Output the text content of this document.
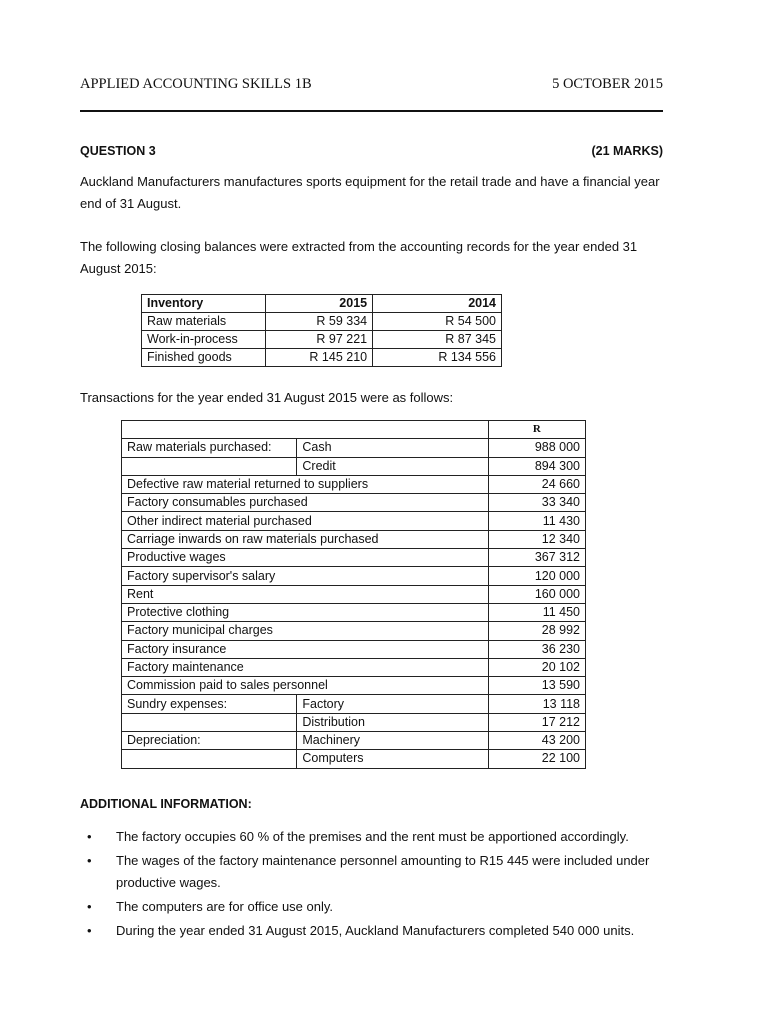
APPLIED ACCOUNTING SKILLS 1B	5 OCTOBER 2015
QUESTION 3	(21 MARKS)
Auckland Manufacturers manufactures sports equipment for the retail trade and have a financial year end of 31 August.
The following closing balances were extracted from the accounting records for the year ended 31 August 2015:
Inventory	2015	2014
Raw materials	R 59 334	R 54 500
Work-in-process	R 97 221	R 87 345
Finished goods	R 145 210	R 134 556
Transactions for the year ended 31 August 2015 were as follows:
		R
Raw materials purchased:	Cash	988 000
	Credit	894 300
Defective raw material returned to suppliers		24 660
Factory consumables purchased		33 340
Other indirect material purchased		11 430
Carriage inwards on raw materials purchased		12 340
Productive wages		367 312
Factory supervisor's salary		120 000
Rent		160 000
Protective clothing		11 450
Factory municipal charges		28 992
Factory insurance		36 230
Factory maintenance		20 102
Commission paid to sales personnel		13 590
Sundry expenses:	Factory	13 118
	Distribution	17 212
Depreciation:	Machinery	43 200
	Computers	22 100
ADDITIONAL INFORMATION:
• The factory occupies 60 % of the premises and the rent must be apportioned accordingly.
• The wages of the factory maintenance personnel amounting to R15 445 were included under productive wages.
• The computers are for office use only.
• During the year ended 31 August 2015, Auckland Manufacturers completed 540 000 units.
